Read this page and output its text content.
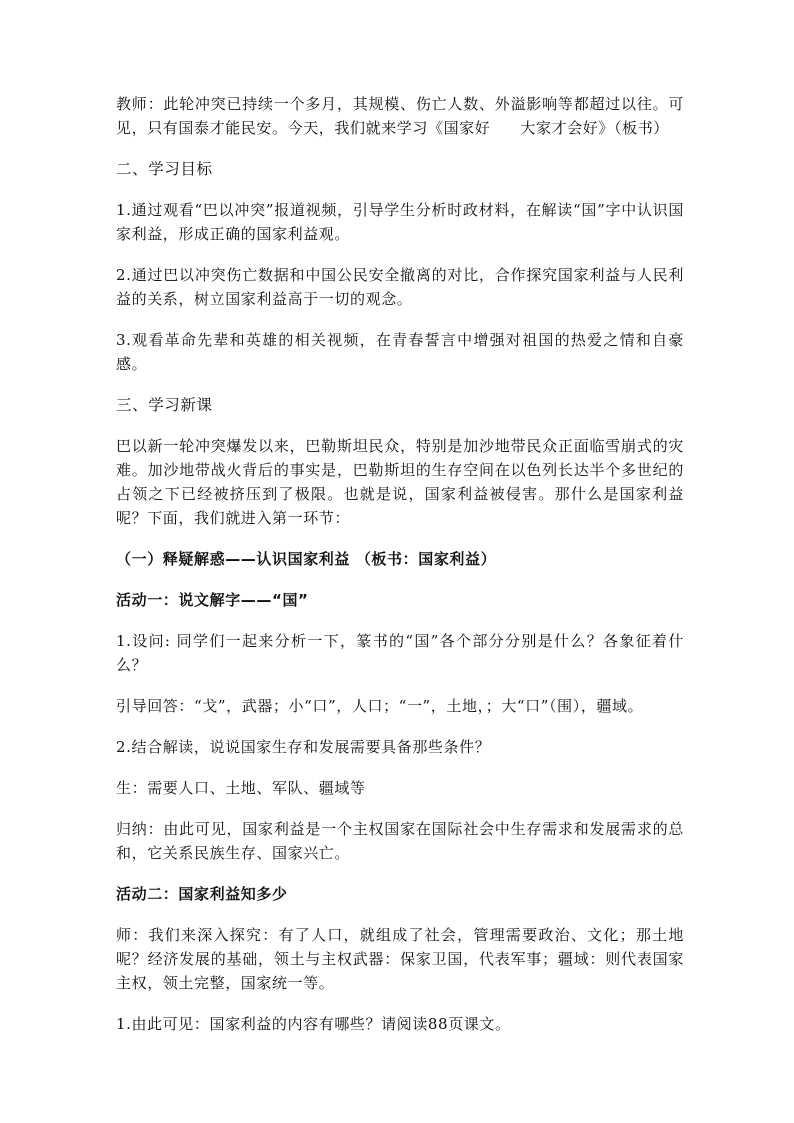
教师：此轮冲突已持续一个多月，其规模、伤亡人数、外溢影响等都超过以往。可见，只有国泰才能民安。今天，我们就来学习《国家好 大家才会好》（板书）

二、学习目标

1.通过观看“巴以冲突”报道视频，引导学生分析时政材料，在解读“国”字中认识国家利益，形成正确的国家利益观。

2.通过巴以冲突伤亡数据和中国公民安全撤离的对比，合作探究国家利益与人民利益的关系，树立国家利益高于一切的观念。

3.观看革命先辈和英雄的相关视频，在青春誓言中增强对祖国的热爱之情和自豪感。

三、学习新课

巴以新一轮冲突爆发以来，巴勒斯坦民众，特别是加沙地带民众正面临雪崩式的灾难。加沙地带战火背后的事实是，巴勒斯坦的生存空间在以色列长达半个多世纪的占领之下已经被挤压到了极限。也就是说，国家利益被侵害。那什么是国家利益呢？下面，我们就进入第一环节：

（一）释疑解惑——认识国家利益 （板书：国家利益）

活动一：说文解字——“国”

1.设问: 同学们一起来分析一下，篆书的“国”各个部分分别是什么？各象征着什么？

引导回答：“戈”，武器；小“口”，人口；“一”，土地，；大“口”（围），疆域。

2.结合解读，说说国家生存和发展需要具备那些条件？

生：需要人口、土地、军队、疆域等

归纳：由此可见，国家利益是一个主权国家在国际社会中生存需求和发展需求的总和，它关系民族生存、国家兴亡。

活动二：国家利益知多少

师：我们来深入探究：有了人口，就组成了社会，管理需要政治、文化；那土地呢？经济发展的基础，领土与主权武器：保家卫国，代表军事；疆域：则代表国家主权，领土完整，国家统一等。

1.由此可见：国家利益的内容有哪些？请阅读88页课文。
